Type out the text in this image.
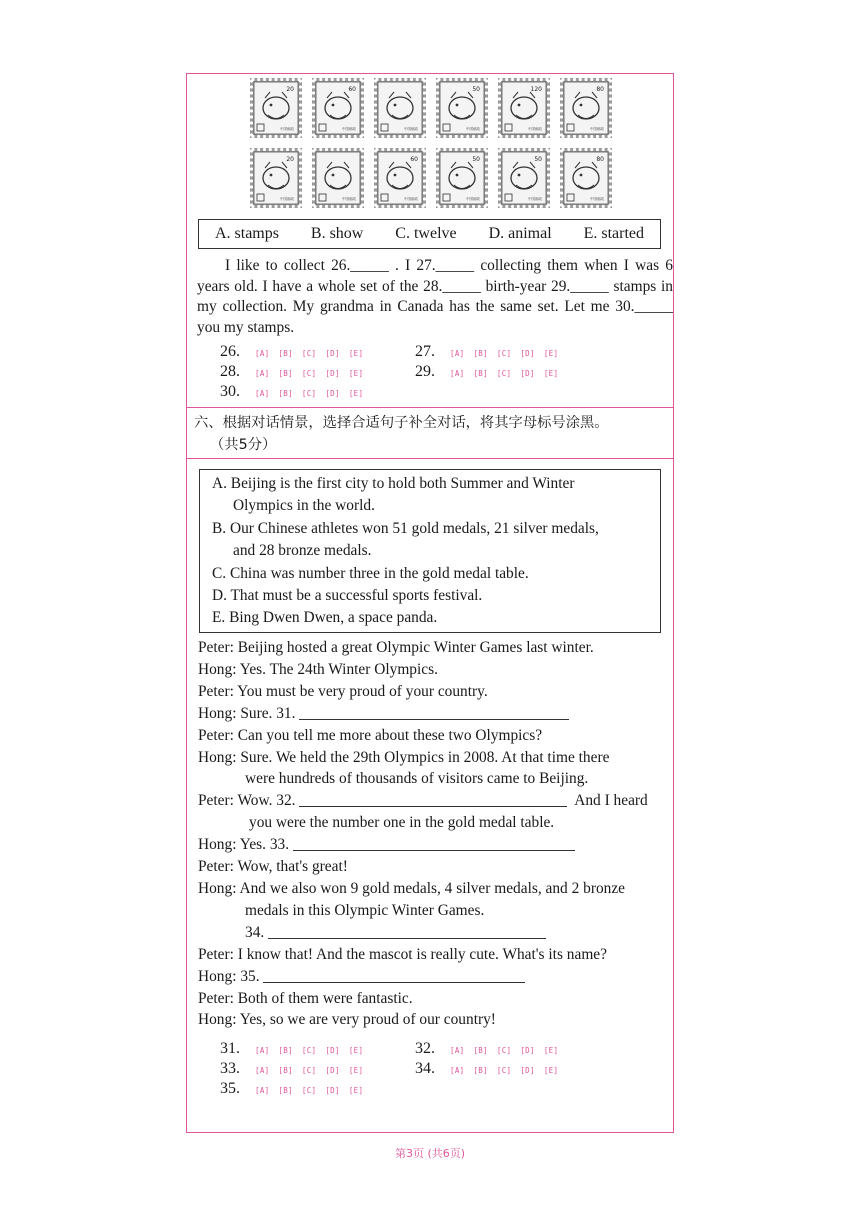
20
中国邮政
60
中国邮政	中国邮政
50
中国邮政
120
中国邮政
80
中国邮政
20
中国邮政	中国邮政
60
中国邮政
50
中国邮政
50
中国邮政
80
中国邮政
A. stamps B. show C. twelve D. animal E. started

I like to collect 26._____ . I 27._____ collecting them when I was 6 years old. I have a whole set of the 28._____ birth-year 29._____ stamps in my collection. My grandma in Canada has the same set. Let me 30._____ you my stamps.

26.	[A] [B] [C] [D] [E]	27.	[A] [B] [C] [D] [E]
28.	[A] [B] [C] [D] [E]	29.	[A] [B] [C] [D] [E]
30.	[A] [B] [C] [D] [E]
六、根据对话情景，选择合适句子补全对话，将其字母标号涂黑。
（共5分）
A. Beijing is the first city to hold both Summer and Winter
Olympics in the world.
B. Our Chinese athletes won 51 gold medals, 21 silver medals,
and 28 bronze medals.
C. China was number three in the gold medal table.
D. That must be a successful sports festival.
E. Bing Dwen Dwen, a space panda.
Peter: Beijing hosted a great Olympic Winter Games last winter.
Hong: Yes. The 24th Winter Olympics.
Peter: You must be very proud of your country.
Hong: Sure. 31.
Peter: Can you tell me more about these two Olympics?
Hong: Sure. We held the 29th Olympics in 2008. At that time there
were hundreds of thousands of visitors came to Beijing.
Peter: Wow. 32.	And I heard
you were the number one in the gold medal table.
Hong: Yes. 33.
Peter: Wow, that's great!
Hong: And we also won 9 gold medals, 4 silver medals, and 2 bronze
medals in this Olympic Winter Games.
34.
Peter: I know that! And the mascot is really cute. What's its name?
Hong: 35.
Peter: Both of them were fantastic.
Hong: Yes, so we are very proud of our country!
31.	[A] [B] [C] [D] [E]	32.	[A] [B] [C] [D] [E]
33.	[A] [B] [C] [D] [E]	34.	[A] [B] [C] [D] [E]
35.	[A] [B] [C] [D] [E]
第3页 (共6页)
